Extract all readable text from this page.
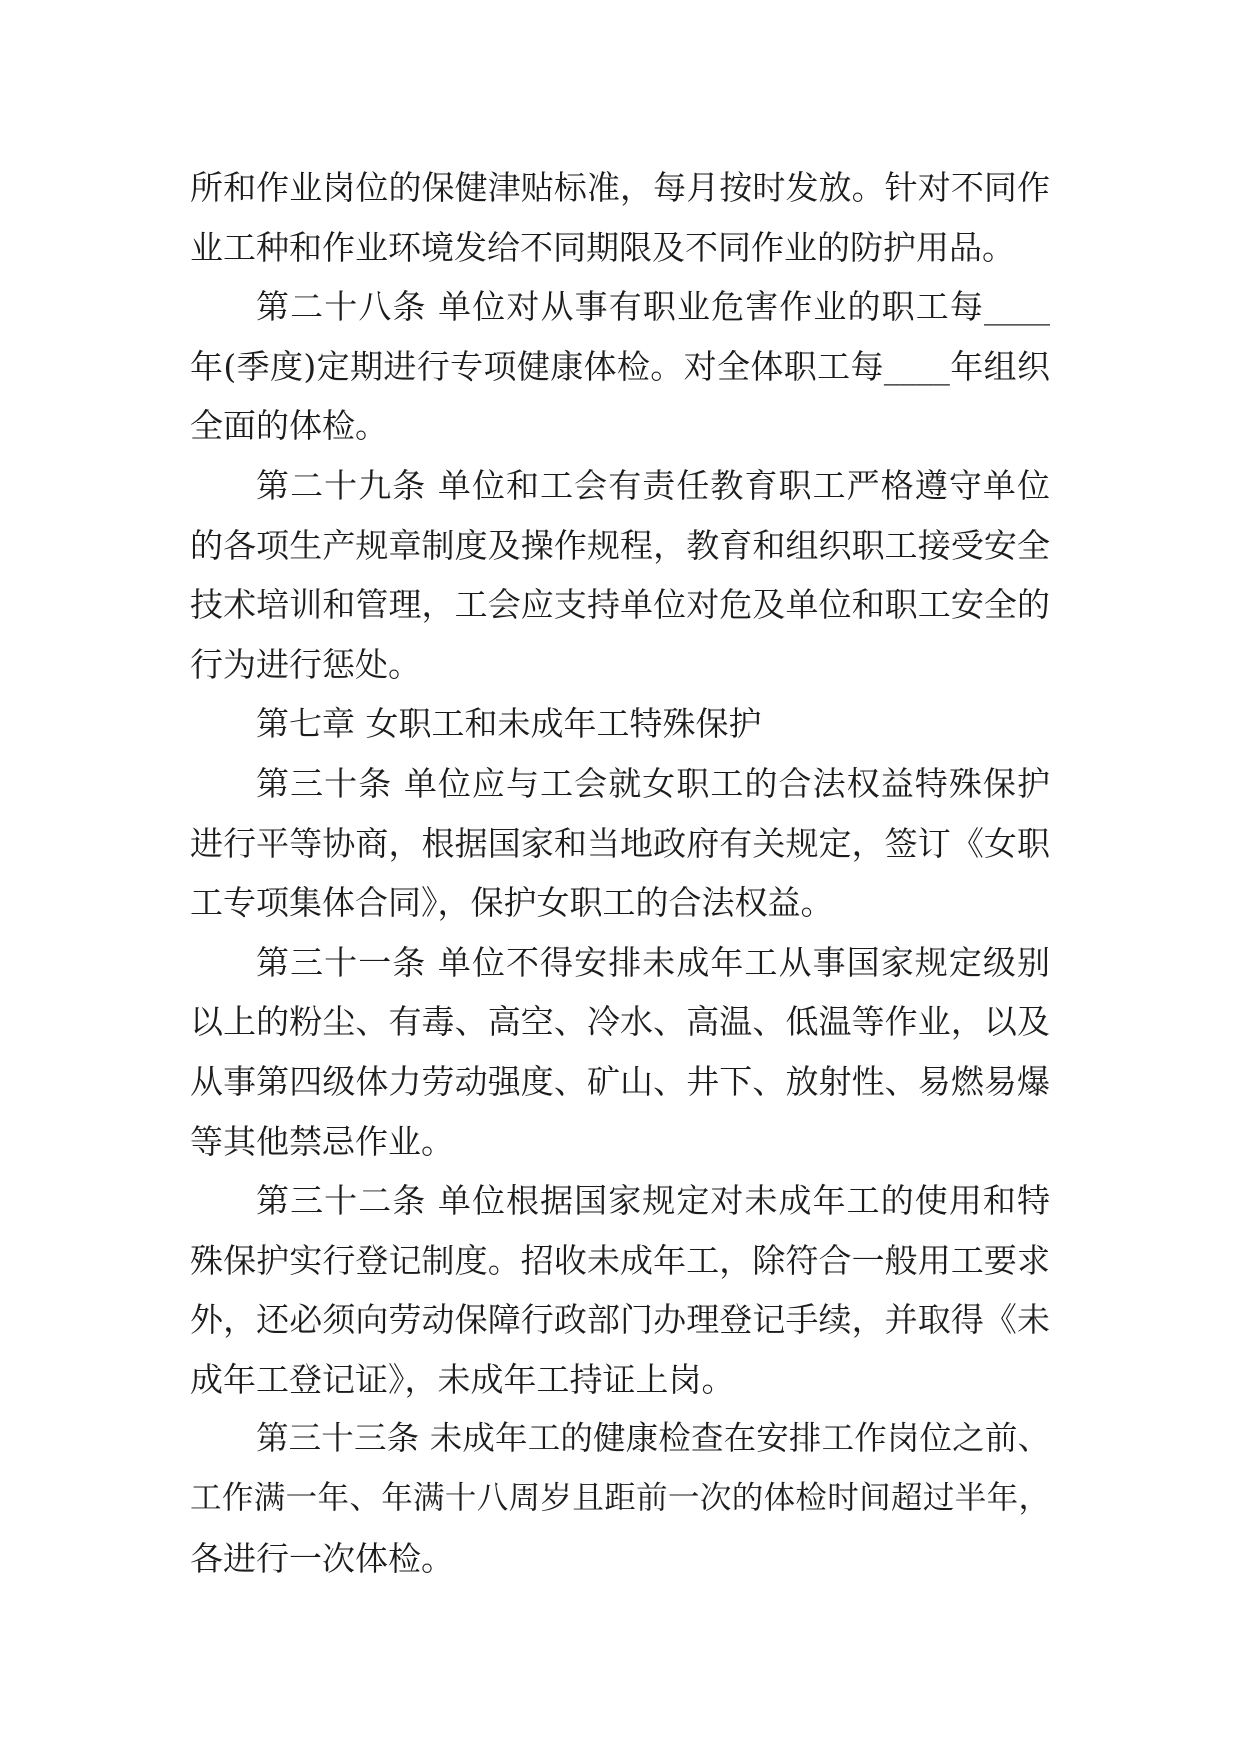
所和作业岗位的保健津贴标准，每月按时发放。针对不同作
业工种和作业环境发给不同期限及不同作业的防护用品。
第二十八条 单位对从事有职业危害作业的职工每____
年(季度)定期进行专项健康体检。对全体职工每____年组织
全面的体检。
第二十九条 单位和工会有责任教育职工严格遵守单位
的各项生产规章制度及操作规程，教育和组织职工接受安全
技术培训和管理，工会应支持单位对危及单位和职工安全的
行为进行惩处。
第七章 女职工和未成年工特殊保护
第三十条 单位应与工会就女职工的合法权益特殊保护
进行平等协商，根据国家和当地政府有关规定，签订《女职
工专项集体合同》，保护女职工的合法权益。
第三十一条 单位不得安排未成年工从事国家规定级别
以上的粉尘、有毒、高空、冷水、高温、低温等作业，以及
从事第四级体力劳动强度、矿山、井下、放射性、易燃易爆
等其他禁忌作业。
第三十二条 单位根据国家规定对未成年工的使用和特
殊保护实行登记制度。招收未成年工，除符合一般用工要求
外，还必须向劳动保障行政部门办理登记手续，并取得《未
成年工登记证》，未成年工持证上岗。
第三十三条 未成年工的健康检查在安排工作岗位之前、
工作满一年、年满十八周岁且距前一次的体检时间超过半年，
各进行一次体检。
